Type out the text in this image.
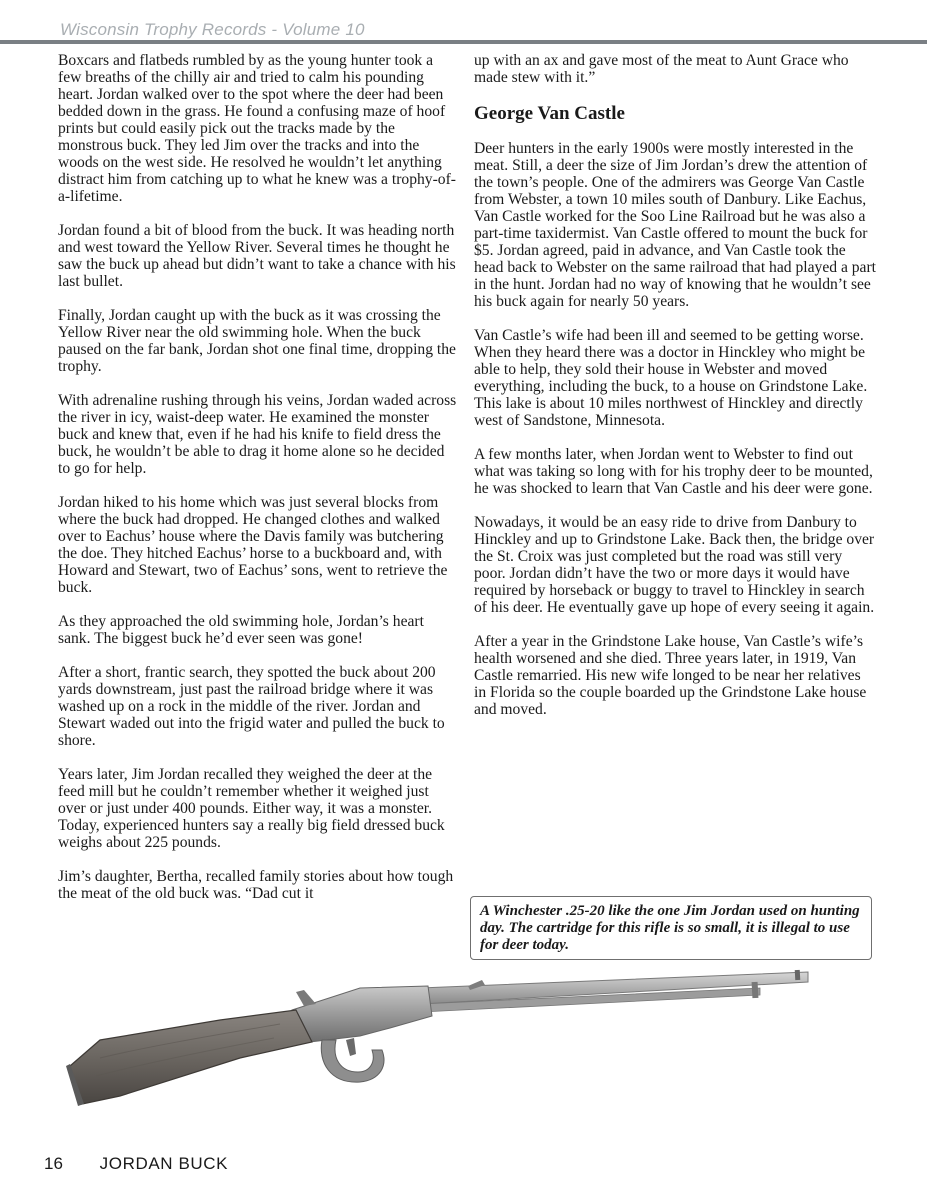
Wisconsin Trophy Records - Volume 10

Boxcars and flatbeds rumbled by as the young hunter took a few breaths of the chilly air and tried to calm his pounding heart. Jordan walked over to the spot where the deer had been bedded down in the grass. He found a confusing maze of hoof prints but could easily pick out the tracks made by the monstrous buck. They led Jim over the tracks and into the woods on the west side. He resolved he wouldn’t let anything distract him from catching up to what he knew was a trophy-of-a-lifetime.

Jordan found a bit of blood from the buck. It was heading north and west toward the Yellow River. Several times he thought he saw the buck up ahead but didn’t want to take a chance with his last bullet.

Finally, Jordan caught up with the buck as it was crossing the Yellow River near the old swimming hole. When the buck paused on the far bank, Jordan shot one final time, dropping the trophy.

With adrenaline rushing through his veins, Jordan waded across the river in icy, waist-deep water. He examined the monster buck and knew that, even if he had his knife to field dress the buck, he wouldn’t be able to drag it home alone so he decided to go for help.

Jordan hiked to his home which was just several blocks from where the buck had dropped. He changed clothes and walked over to Eachus’ house where the Davis family was butchering the doe. They hitched Eachus’ horse to a buckboard and, with Howard and Stewart, two of Eachus’ sons, went to retrieve the buck.

As they approached the old swimming hole, Jordan’s heart sank. The biggest buck he’d ever seen was gone!

After a short, frantic search, they spotted the buck about 200 yards downstream, just past the railroad bridge where it was washed up on a rock in the middle of the river. Jordan and Stewart waded out into the frigid water and pulled the buck to shore.

Years later, Jim Jordan recalled they weighed the deer at the feed mill but he couldn’t remember whether it weighed just over or just under 400 pounds. Either way, it was a monster. Today, experienced hunters say a really big field dressed buck weighs about 225 pounds.

Jim’s daughter, Bertha, recalled family stories about how tough the meat of the old buck was. “Dad cut it

up with an ax and gave most of the meat to Aunt Grace who made stew with it.”

George Van Castle

Deer hunters in the early 1900s were mostly interested in the meat. Still, a deer the size of Jim Jordan’s drew the attention of the town’s people. One of the admirers was George Van Castle from Webster, a town 10 miles south of Danbury. Like Eachus, Van Castle worked for the Soo Line Railroad but he was also a part-time taxidermist. Van Castle offered to mount the buck for $5. Jordan agreed, paid in advance, and Van Castle took the head back to Webster on the same railroad that had played a part in the hunt. Jordan had no way of knowing that he wouldn’t see his buck again for nearly 50 years.

Van Castle’s wife had been ill and seemed to be getting worse. When they heard there was a doctor in Hinckley who might be able to help, they sold their house in Webster and moved everything, including the buck, to a house on Grindstone Lake. This lake is about 10 miles northwest of Hinckley and directly west of Sandstone, Minnesota.

A few months later, when Jordan went to Webster to find out what was taking so long with for his trophy deer to be mounted, he was shocked to learn that Van Castle and his deer were gone.

Nowadays, it would be an easy ride to drive from Danbury to Hinckley and up to Grindstone Lake. Back then, the bridge over the St. Croix was just completed but the road was still very poor. Jordan didn’t have the two or more days it would have required by horseback or buggy to travel to Hinckley in search of his deer. He eventually gave up hope of every seeing it again.

After a year in the Grindstone Lake house, Van Castle’s wife’s health worsened and she died. Three years later, in 1919, Van Castle remarried. His new wife longed to be near her relatives in Florida so the couple boarded up the Grindstone Lake house and moved.

A Winchester .25-20 like the one Jim Jordan used on hunting day. The cartridge for this rifle is so small, it is illegal to use for deer today.
16 JORDAN BUCK
